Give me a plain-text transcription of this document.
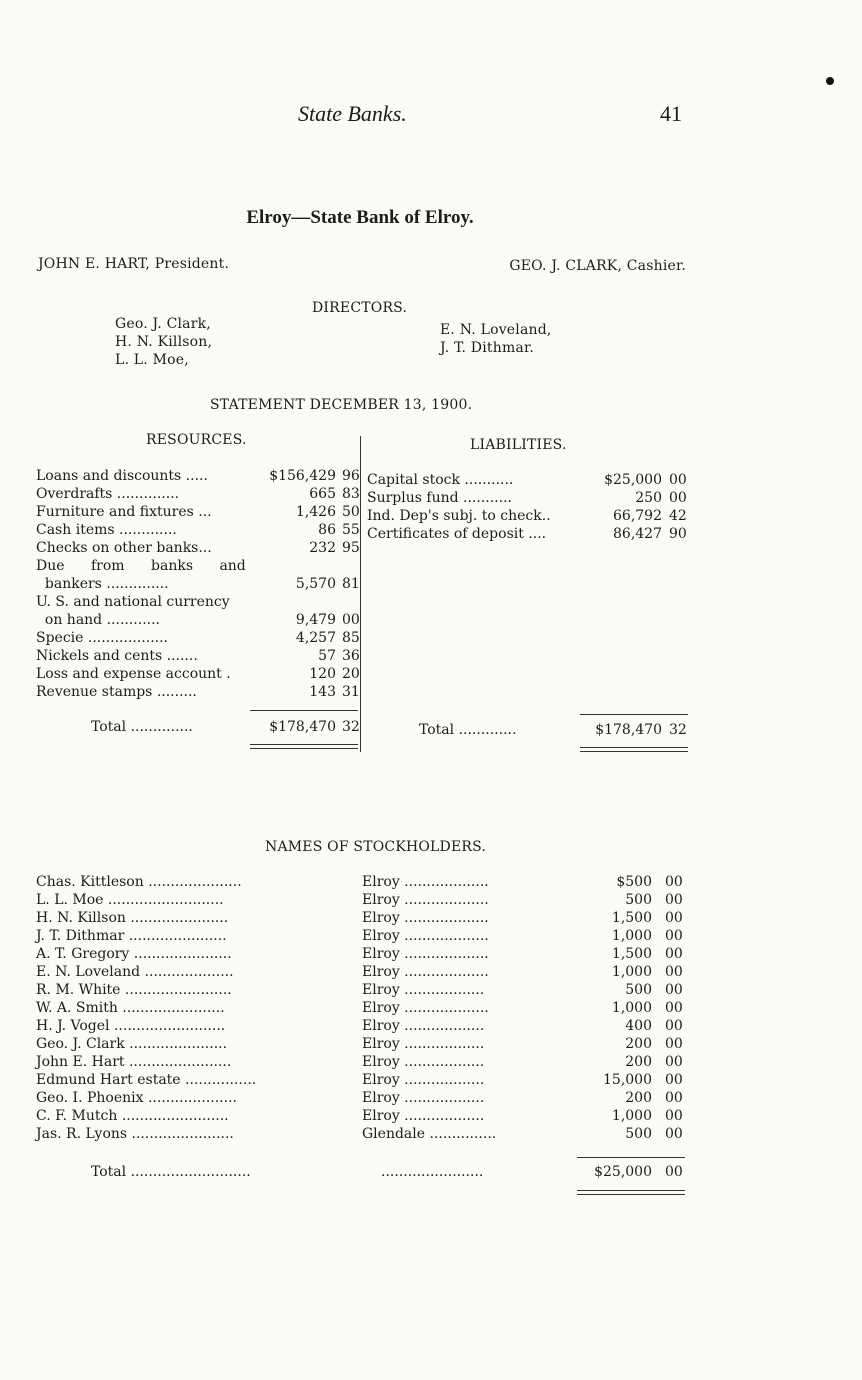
State Banks.	41
Elroy—State Bank of Elroy.
JOHN E. HART, President.	GEO. J. CLARK, Cashier.
DIRECTORS.
Geo. J. Clark,
H. N. Killson,
L. L. Moe,
E. N. Loveland,
J. T. Dithmar.
STATEMENT DECEMBER 13, 1900.
RESOURCES.	LIABILITIES.
Loans and discounts .....	$156,429 96
Overdrafts ..............	665 83
Furniture and fixtures ...	1,426 50
Cash items .............	86 55
Checks on other banks...	232 95
Due from banks and
bankers ..............	5,570 81
U. S. and national currency
on hand ............	9,479 00
Specie ..................	4,257 85
Nickels and cents .......	57 36
Loss and expense account .	120 20
Revenue stamps .........	143 31
Total ..............	$178,470 32
Capital stock ...........	$25,000 00
Surplus fund ...........	250 00
Ind. Dep's subj. to check..	66,792 42
Certificates of deposit ....	86,427 90
Total .............	$178,470 32
NAMES OF STOCKHOLDERS.
Chas. Kittleson .....................	Elroy ...................	$500 00
L. L. Moe ..........................	Elroy ...................	500 00
H. N. Killson ......................	Elroy ...................	1,500 00
J. T. Dithmar ......................	Elroy ...................	1,000 00
A. T. Gregory ......................	Elroy ...................	1,500 00
E. N. Loveland ....................	Elroy ...................	1,000 00
R. M. White ........................	Elroy ..................	500 00
W. A. Smith .......................	Elroy ...................	1,000 00
H. J. Vogel .........................	Elroy ..................	400 00
Geo. J. Clark ......................	Elroy ..................	200 00
John E. Hart .......................	Elroy ..................	200 00
Edmund Hart estate ................	Elroy ..................	15,000 00
Geo. I. Phoenix ....................	Elroy ..................	200 00
C. F. Mutch ........................	Elroy ..................	1,000 00
Jas. R. Lyons .......................	Glendale ...............	500 00
Total ...........................	.......................	$25,000 00
